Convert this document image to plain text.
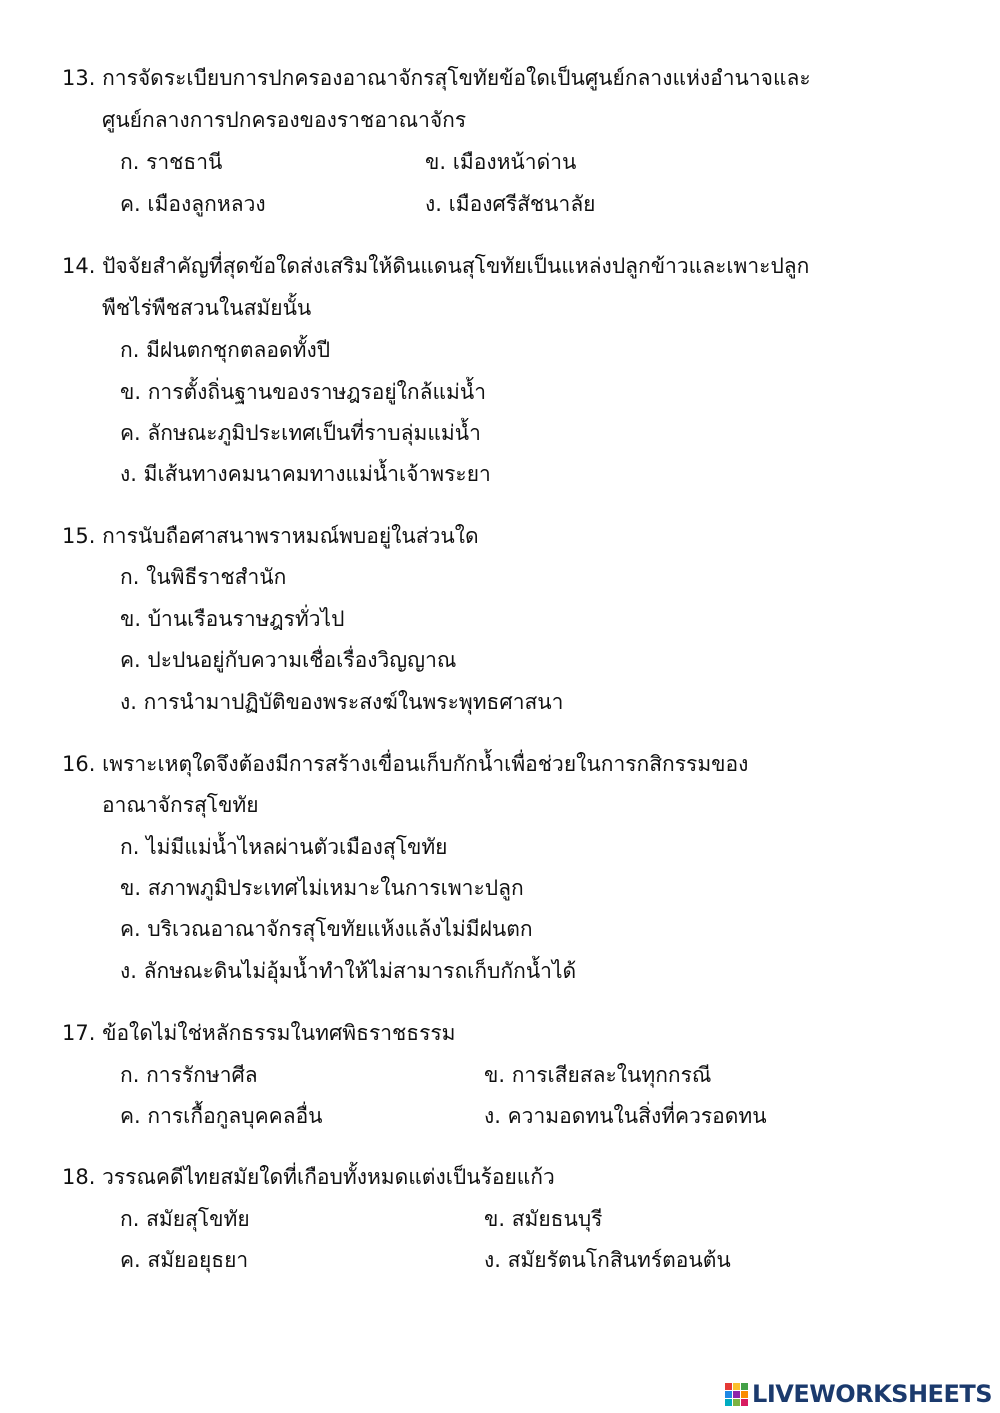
13. การจัดระเบียบการปกครองอาณาจักรสุโขทัยข้อใดเป็นศูนย์กลางแห่งอำนาจและ
ศูนย์กลางการปกครองของราชอาณาจักร
ก. ราชธานี	ข. เมืองหน้าด่าน
ค. เมืองลูกหลวง	ง. เมืองศรีสัชนาลัย
14. ปัจจัยสำคัญที่สุดข้อใดส่งเสริมให้ดินแดนสุโขทัยเป็นแหล่งปลูกข้าวและเพาะปลูก
พืชไร่พืชสวนในสมัยนั้น
ก. มีฝนตกชุกตลอดทั้งปี
ข. การตั้งถิ่นฐานของราษฎรอยู่ใกล้แม่น้ำ
ค. ลักษณะภูมิประเทศเป็นที่ราบลุ่มแม่น้ำ
ง. มีเส้นทางคมนาคมทางแม่น้ำเจ้าพระยา
15. การนับถือศาสนาพราหมณ์พบอยู่ในส่วนใด
ก. ในพิธีราชสำนัก
ข. บ้านเรือนราษฎรทั่วไป
ค. ปะปนอยู่กับความเชื่อเรื่องวิญญาณ
ง. การนำมาปฏิบัติของพระสงฆ์ในพระพุทธศาสนา
16. เพราะเหตุใดจึงต้องมีการสร้างเขื่อนเก็บกักน้ำเพื่อช่วยในการกสิกรรมของ
อาณาจักรสุโขทัย
ก. ไม่มีแม่น้ำไหลผ่านตัวเมืองสุโขทัย
ข. สภาพภูมิประเทศไม่เหมาะในการเพาะปลูก
ค. บริเวณอาณาจักรสุโขทัยแห้งแล้งไม่มีฝนตก
ง. ลักษณะดินไม่อุ้มน้ำทำให้ไม่สามารถเก็บกักน้ำได้
17. ข้อใดไม่ใช่หลักธรรมในทศพิธราชธรรม
ก. การรักษาศีล	ข. การเสียสละในทุกกรณี
ค. การเกื้อกูลบุคคลอื่น	ง. ความอดทนในสิ่งที่ควรอดทน
18. วรรณคดีไทยสมัยใดที่เกือบทั้งหมดแต่งเป็นร้อยแก้ว
ก. สมัยสุโขทัย	ข. สมัยธนบุรี
ค. สมัยอยุธยา	ง. สมัยรัตนโกสินทร์ตอนต้น
LIVEWORKSHEETS
